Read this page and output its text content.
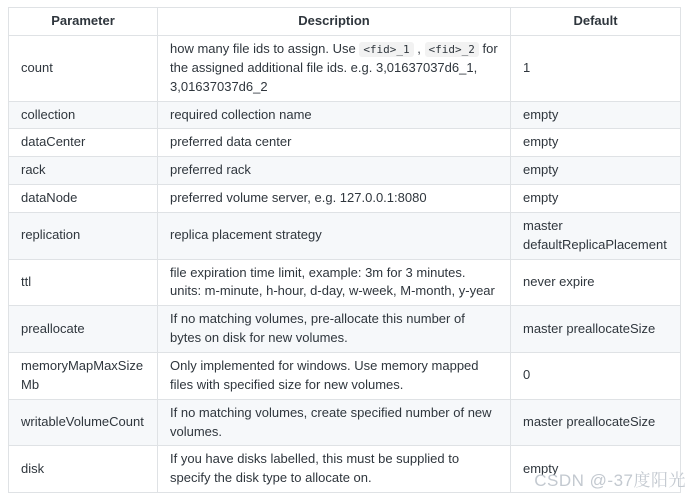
Parameter	Description	Default
count	how many file ids to assign. Use <fid>_1 , <fid>_2 for the assigned additional file ids. e.g. 3,01637037d6_1, 3,01637037d6_2	1
collection	required collection name	empty
dataCenter	preferred data center	empty
rack	preferred rack	empty
dataNode	preferred volume server, e.g. 127.0.0.1:8080	empty
replication	replica placement strategy	master defaultReplicaPlacement
ttl	file expiration time limit, example: 3m for 3 minutes. units: m-minute, h-hour, d-day, w-week, M-month, y-year	never expire
preallocate	If no matching volumes, pre-allocate this number of bytes on disk for new volumes.	master preallocateSize
memoryMapMaxSizeMb	Only implemented for windows. Use memory mapped files with specified size for new volumes.	0
writableVolumeCount	If no matching volumes, create specified number of new volumes.	master preallocateSize
disk	If you have disks labelled, this must be supplied to specify the disk type to allocate on.	empty
CSDN @-37度阳光
